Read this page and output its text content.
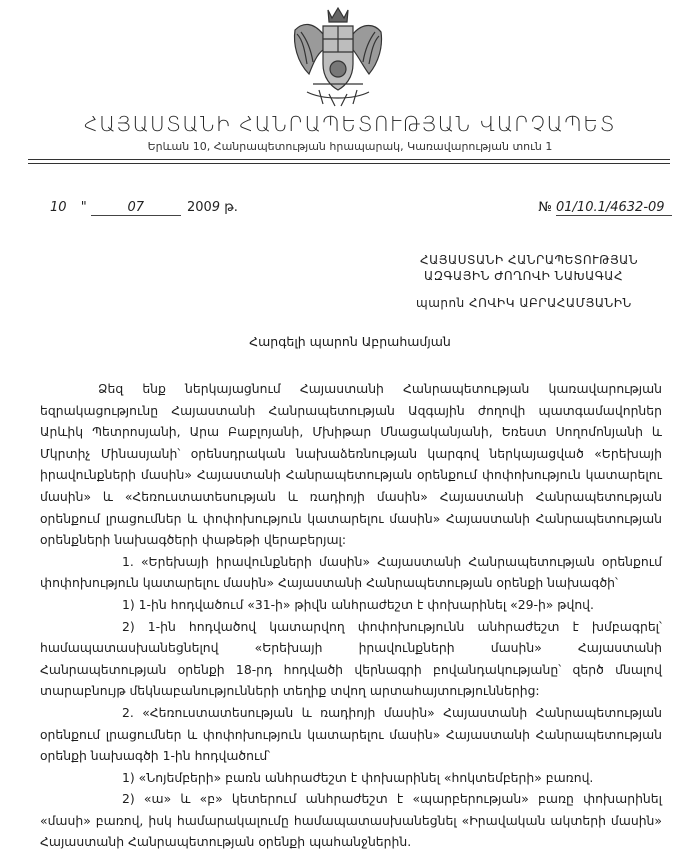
ՀԱՅԱՍՏԱՆԻ ՀԱՆՐԱՊԵՏՈՒԹՅԱՆ ՎԱՐՉԱՊԵՏ
Երևան 10, Հանրապետության հրապարակ, Կառավարության տուն 1
10 "	07	2009 թ.	№ 01/10.1/4632-09
ՀԱՅԱՍՏԱՆԻ ՀԱՆՐԱՊԵՏՈՒԹՅԱՆ
ԱԶԳԱՅԻՆ ԺՈՂՈՎԻ ՆԱԽԱԳԱՀ
պարոն ՀՈՎԻԿ ԱԲՐԱՀԱՄՅԱՆԻՆ
Հարգելի պարոն Աբրահամյան

Ձեզ ենք ներկայացնում Հայաստանի Հանրապետության կառավարության եզրակացությունը Հայաստանի Հանրապետության Ազգային ժողովի պատգամավորներ Արևիկ Պետրոսյանի, Արա Բաբլոյանի, Մխիթար Մնացականյանի, Եռեստ Սողոմոնյանի և Մկրտիչ Մինասյանի՝ օրենսդրական նախաձեռնության կարգով ներկայացված «Երեխայի իրավունքների մասին» Հայաստանի Հանրապետության օրենքում փոփոխություն կատարելու մասին» և «Հեռուստատեսության և ռադիոյի մասին» Հայաստանի Հանրապետության օրենքում լրացումներ և փոփոխություն կատարելու մասին» Հայաստանի Հանրապետության օրենքների նախագծերի փաթեթի վերաբերյալ:

1. «Երեխայի իրավունքների մասին» Հայաստանի Հանրապետության օրենքում փոփոխություն կատարելու մասին» Հայաստանի Հանրապետության օրենքի նախագծի՝

1) 1-ին հոդվածում «31-ի» թիվն անհրաժեշտ է փոխարինել «29-ի» թվով.

2) 1-ին հոդվածով կատարվող փոփոխությունն անհրաժեշտ է խմբագրել՝ համապատասխանեցնելով «Երեխայի իրավունքների մասին» Հայաստանի Հանրապետության օրենքի 18-րդ հոդվածի վերնագրի բովանդակությանը՝ զերծ մնալով տարաբնույթ մեկնաբանությունների տեղիք տվող արտահայտություններից:

2. «Հեռուստատեսության և ռադիոյի մասին» Հայաստանի Հանրապետության օրենքում լրացումներ և փոփոխություն կատարելու մասին» Հայաստանի Հանրապետության օրենքի նախագծի 1-ին հոդվածում՝

1) «Նոյեմբերի» բառն անհրաժեշտ է փոխարինել «հոկտեմբերի» բառով.

2) «ա» և «բ» կետերում անհրաժեշտ է «պարբերության» բառը փոխարինել «մասի» բառով, իսկ համարակալումը համապատասխանեցնել «Իրավական ակտերի մասին» Հայաստանի Հանրապետության օրենքի պահանջներին.
